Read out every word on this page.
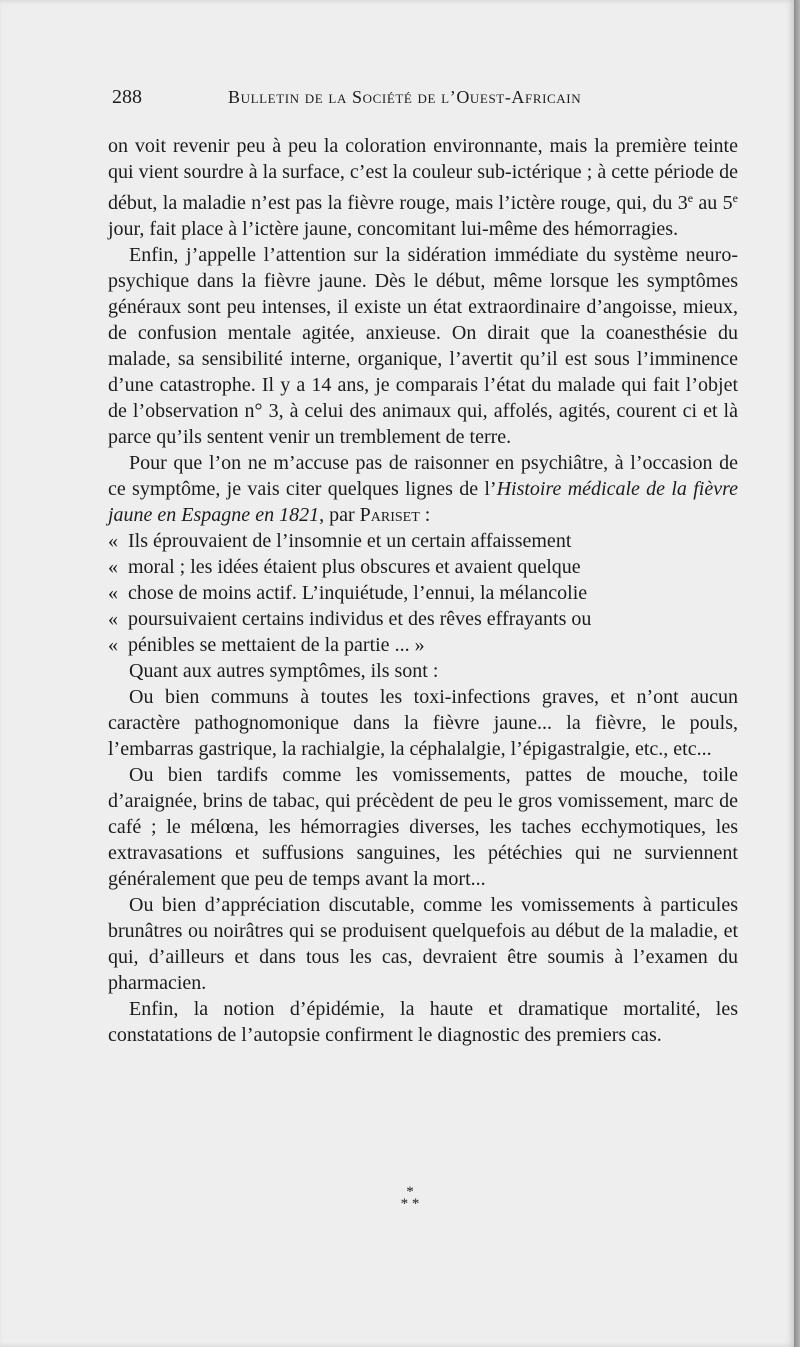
288	Bulletin de la Société de l’Ouest-Africain

on voit revenir peu à peu la coloration environnante, mais la première teinte qui vient sourdre à la surface, c’est la couleur sub-ictérique ; à cette période de début, la maladie n’est pas la fièvre rouge, mais l’ictère rouge, qui, du 3e au 5e jour, fait place à l’ictère jaune, concomitant lui-même des hémorragies.

Enfin, j’appelle l’attention sur la sidération immédiate du système neuro-psychique dans la fièvre jaune. Dès le début, même lorsque les symptômes généraux sont peu intenses, il existe un état extraordinaire d’angoisse, mieux, de confusion mentale agitée, anxieuse. On dirait que la coanesthésie du malade, sa sensibilité interne, organique, l’avertit qu’il est sous l’imminence d’une catastrophe. Il y a 14 ans, je comparais l’état du malade qui fait l’objet de l’observation n° 3, à celui des animaux qui, affolés, agités, courent ci et là parce qu’ils sentent venir un tremblement de terre.

Pour que l’on ne m’accuse pas de raisonner en psychiâtre, à l’occasion de ce symptôme, je vais citer quelques lignes de l’Histoire médicale de la fièvre jaune en Espagne en 1821, par Pariset :

« Ils éprouvaient de l’insomnie et un certain affaissement
« moral ; les idées étaient plus obscures et avaient quelque
« chose de moins actif. L’inquiétude, l’ennui, la mélancolie
« poursuivaient certains individus et des rêves effrayants ou
« pénibles se mettaient de la partie ... »

Quant aux autres symptômes, ils sont :

Ou bien communs à toutes les toxi-infections graves, et n’ont aucun caractère pathognomonique dans la fièvre jaune... la fièvre, le pouls, l’embarras gastrique, la rachialgie, la céphalalgie, l’épigastralgie, etc., etc...

Ou bien tardifs comme les vomissements, pattes de mouche, toile d’araignée, brins de tabac, qui précèdent de peu le gros vomissement, marc de café ; le mélœna, les hémorragies diverses, les taches ecchymotiques, les extravasations et suffusions sanguines, les pétéchies qui ne surviennent généralement que peu de temps avant la mort...

Ou bien d’appréciation discutable, comme les vomissements à particules brunâtres ou noirâtres qui se produisent quelquefois au début de la maladie, et qui, d’ailleurs et dans tous les cas, devraient être soumis à l’examen du pharmacien.

Enfin, la notion d’épidémie, la haute et dramatique mortalité, les constatations de l’autopsie confirment le diagnostic des premiers cas.

*
* *
